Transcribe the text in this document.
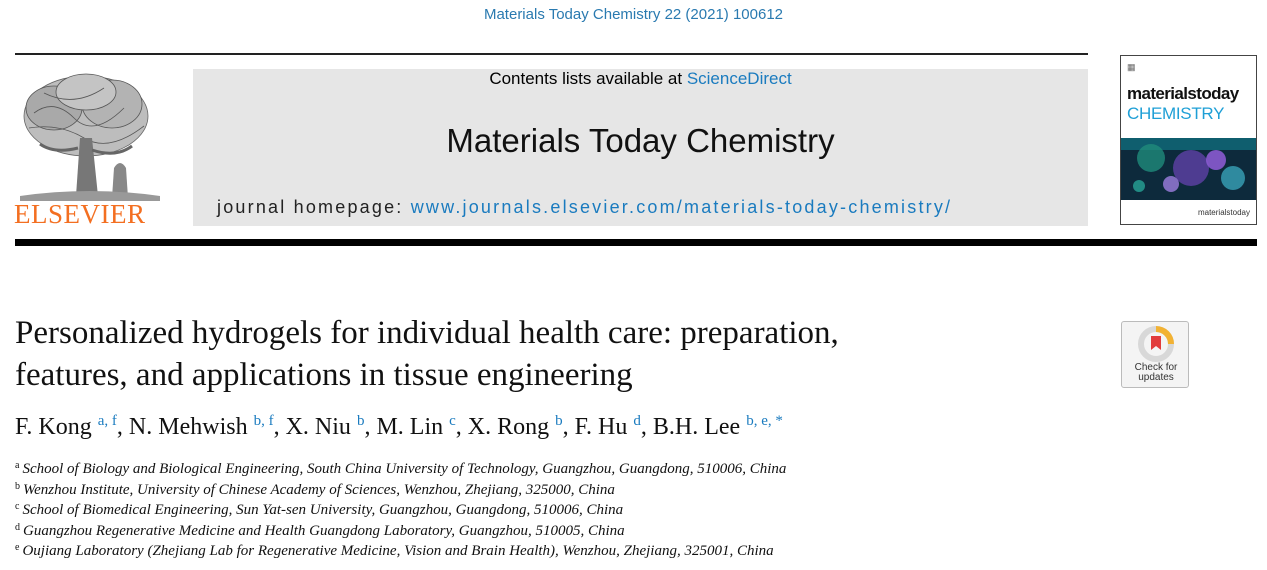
Materials Today Chemistry 22 (2021) 100612
ELSEVIER
Contents lists available at ScienceDirect
Materials Today Chemistry
journal homepage: www.journals.elsevier.com/materials-today-chemistry/
▦
materialstoday
CHEMISTRY
materialstoday
Personalized hydrogels for individual health care: preparation,
features, and applications in tissue engineering	Check for
updates
F. Kong $^{a, f}$, N. Mehwish $^{b, f}$, X. Niu $^b$, M. Lin $^c$, X. Rong $^b$, F. Hu $^d$, B.H. Lee $^{b, e, *}$
$^a$ School of Biology and Biological Engineering, South China University of Technology, Guangzhou, Guangdong, 510006, China
$^b$ Wenzhou Institute, University of Chinese Academy of Sciences, Wenzhou, Zhejiang, 325000, China
$^c$ School of Biomedical Engineering, Sun Yat-sen University, Guangzhou, Guangdong, 510006, China
$^d$ Guangzhou Regenerative Medicine and Health Guangdong Laboratory, Guangzhou, 510005, China
$^e$ Oujiang Laboratory (Zhejiang Lab for Regenerative Medicine, Vision and Brain Health), Wenzhou, Zhejiang, 325001, China
